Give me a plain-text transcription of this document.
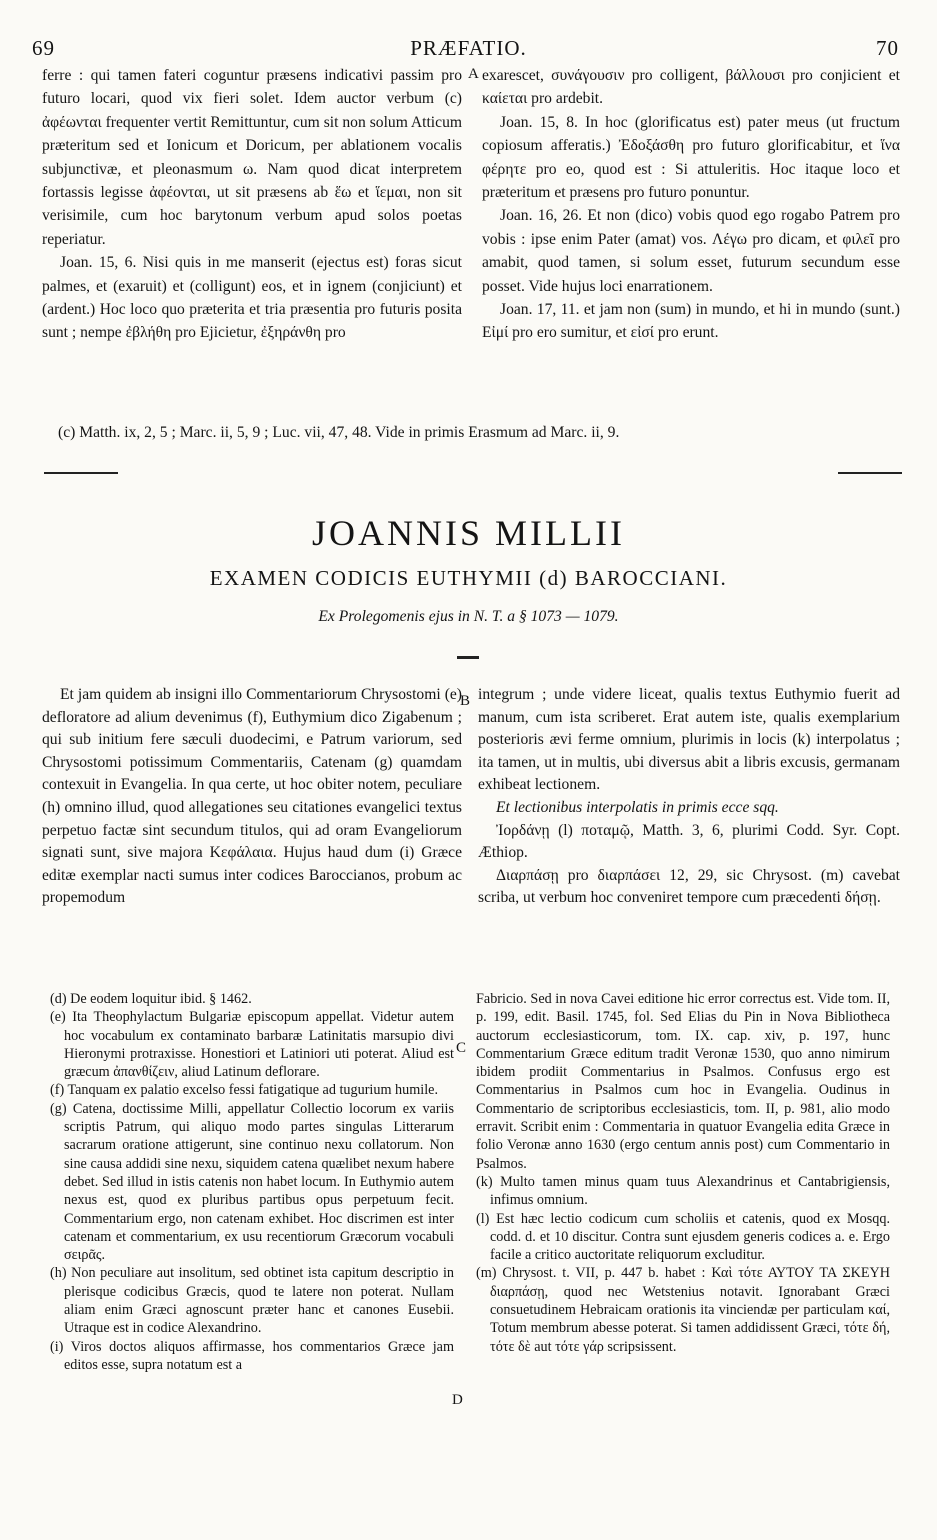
69	PRÆFATIO.	70

ferre : qui tamen fateri coguntur præsens indicativi passim pro futuro locari, quod vix fieri solet. Idem auctor verbum (c) ἀφέωνται frequenter vertit Remittuntur, cum sit non solum Atticum præteritum sed et Ionicum et Doricum, per ablationem vocalis subjunctivæ, et pleonasmum ω. Nam quod dicat interpretem fortassis legisse ἀφέονται, ut sit præsens ab ἕω et ἵεμαι, non sit verisimile, cum hoc barytonum verbum apud solos poetas reperiatur.

Joan. 15, 6. Nisi quis in me manserit (ejectus est) foras sicut palmes, et (exaruit) et (colligunt) eos, et in ignem (conjiciunt) et (ardent.) Hoc loco quo præterita et tria præsentia pro futuris posita sunt ; nempe ἐβλήθη pro Ejicietur, ἐξηράνθη pro

A exarescet, συνάγουσιν pro colligent, βάλλουσι pro conjicient et καίεται pro ardebit.

Joan. 15, 8. In hoc (glorificatus est) pater meus (ut fructum copiosum afferatis.) Ἐδοξάσθη pro futuro glorificabitur, et ἵνα φέρητε pro eo, quod est : Si attuleritis. Hoc itaque loco et præteritum et præsens pro futuro ponuntur.

Joan. 16, 26. Et non (dico) vobis quod ego rogabo Patrem pro vobis : ipse enim Pater (amat) vos. Λέγω pro dicam, et φιλεῖ pro amabit, quod tamen, si solum esset, futurum secundum esse posset. Vide hujus loci enarrationem.

Joan. 17, 11. et jam non (sum) in mundo, et hi in mundo (sunt.) Εἰμί pro ero sumitur, et εἰσί pro erunt.

(c) Matth. ix, 2, 5 ; Marc. ii, 5, 9 ; Luc. vii, 47, 48. Vide in primis Erasmum ad Marc. ii, 9.
JOANNIS MILLII
EXAMEN CODICIS EUTHYMII (d) BAROCCIANI.
Ex Prolegomenis ejus in N. T. a § 1073 — 1079.

Et jam quidem ab insigni illo Commentariorum Chrysostomi (e) defloratore ad alium devenimus (f), Euthymium dico Zigabenum ; qui sub initium fere sæculi duodecimi, e Patrum variorum, sed Chrysostomi potissimum Commentariis, Catenam (g) quamdam contexuit in Evangelia. In qua certe, ut hoc obiter notem, peculiare (h) omnino illud, quod allegationes seu citationes evangelici textus perpetuo factæ sint secundum titulos, qui ad oram Evangeliorum signati sunt, sive majora Κεφάλαια. Hujus haud dum (i) Græce editæ exemplar nacti sumus inter codices Baroccianos, probum ac propemodum

B integrum ; unde videre liceat, qualis textus Euthymio fuerit ad manum, cum ista scriberet. Erat autem iste, qualis exemplarium posterioris ævi ferme omnium, plurimis in locis (k) interpolatus ; ita tamen, ut in multis, ubi diversus abit a libris excusis, germanam exhibeat lectionem.

Et lectionibus interpolatis in primis ecce sqq.

Ἰορδάνῃ (l) ποταμῷ, Matth. 3, 6, plurimi Codd. Syr. Copt. Æthiop.

Διαρπάσῃ pro διαρπάσει 12, 29, sic Chrysost. (m) cavebat scriba, ut verbum hoc conveniret tempore cum præcedenti δήσῃ.

(d) De eodem loquitur ibid. § 1462.

(e) Ita Theophylactum Bulgariæ episcopum appellat. Videtur autem hoc vocabulum ex contaminato barbaræ Latinitatis marsupio divi Hieronymi protraxisse. Honestiori et Latiniori uti poterat. Aliud est græcum ἀπανθίζειν, aliud Latinum deflorare.

(f) Tanquam ex palatio excelso fessi fatigatique ad tugurium humile.

(g) Catena, doctissime Milli, appellatur Collectio locorum ex variis scriptis Patrum, qui aliquo modo partes singulas Litterarum sacrarum oratione attigerunt, sine continuo nexu collatorum. Non sine causa addidi sine nexu, siquidem catena quælibet nexum habere debet. Sed illud in istis catenis non habet locum. In Euthymio autem nexus est, quod ex pluribus partibus opus perpetuum fecit. Commentarium ergo, non catenam exhibet. Hoc discrimen est inter catenam et commentarium, ex usu recentiorum Græcorum vocabuli σειρᾶς.

(h) Non peculiare aut insolitum, sed obtinet ista capitum descriptio in plerisque codicibus Græcis, quod te latere non poterat. Nullam aliam enim Græci agnoscunt præter hanc et canones Eusebii. Utraque est in codice Alexandrino.

(i) Viros doctos aliquos affirmasse, hos commentarios Græce jam editos esse, supra notatum est a

C
D

Fabricio. Sed in nova Cavei editione hic error correctus est. Vide tom. II, p. 199, edit. Basil. 1745, fol. Sed Elias du Pin in Nova Bibliotheca auctorum ecclesiasticorum, tom. IX. cap. xiv, p. 197, hunc Commentarium Græce editum tradit Veronæ 1530, quo anno nimirum ibidem prodiit Commentarius in Psalmos. Confusus ergo est Commentarius in Psalmos cum hoc in Evangelia. Oudinus in Commentario de scriptoribus ecclesiasticis, tom. II, p. 981, alio modo erravit. Scribit enim : Commentaria in quatuor Evangelia edita Græce in folio Veronæ anno 1630 (ergo centum annis post) cum Commentario in Psalmos.

(k) Multo tamen minus quam tuus Alexandrinus et Cantabrigiensis, infimus omnium.

(l) Est hæc lectio codicum cum scholiis et catenis, quod ex Mosqq. codd. d. et 10 discitur. Contra sunt ejusdem generis codices a. e. Ergo facile a critico auctoritate reliquorum excluditur.

(m) Chrysost. t. VII, p. 447 b. habet : Καὶ τότε ΑΥΤΟΥ ΤΑ ΣΚΕΥΗ διαρπάσῃ, quod nec Wetstenius notavit. Ignorabant Græci consuetudinem Hebraicam orationis ita vinciendæ per particulam καί, Totum membrum abesse poterat. Si tamen addidissent Græci, τότε δή, τότε δὲ aut τότε γάρ scripsissent.
